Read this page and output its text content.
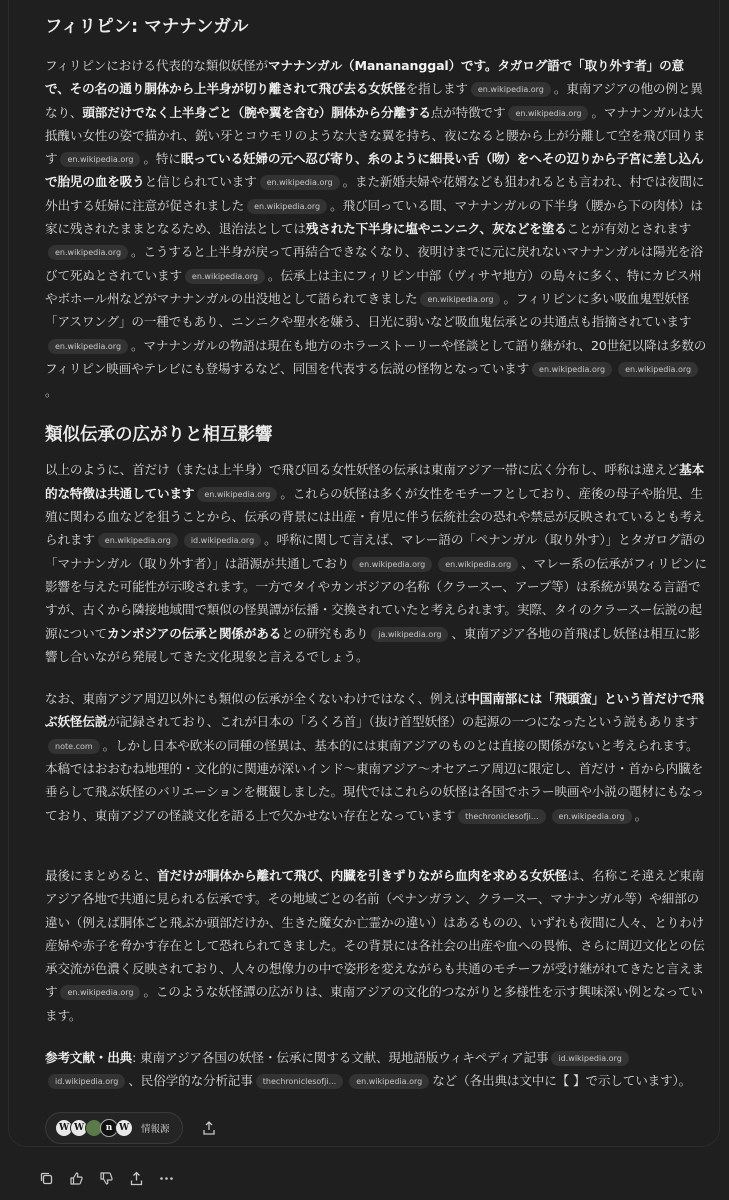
フィリピン: マナナンガル

フィリピンにおける代表的な類似妖怪がマナナンガル（Manananggal）です。タガログ語で「取り外す者」の意で、その名の通り胴体から上半身が切り離されて飛び去る女妖怪を指します en.wikipedia.org 。東南アジアの他の例と異なり、頭部だけでなく上半身ごと（腕や翼を含む）胴体から分離する点が特徴です en.wikipedia.org 。マナナンガルは大抵醜い女性の姿で描かれ、鋭い牙とコウモリのような大きな翼を持ち、夜になると腰から上が分離して空を飛び回ります en.wikipedia.org 。特に眠っている妊婦の元へ忍び寄り、糸のように細長い舌（吻）をへその辺りから子宮に差し込んで胎児の血を吸うと信じられています en.wikipedia.org 。また新婚夫婦や花婿なども狙われるとも言われ、村では夜間に外出する妊婦に注意が促されました en.wikipedia.org 。飛び回っている間、マナナンガルの下半身（腰から下の肉体）は家に残されたままとなるため、退治法としては残された下半身に塩やニンニク、灰などを塗ることが有効とされますen.wikipedia.org 。こうすると上半身が戻って再結合できなくなり、夜明けまでに元に戻れないマナナンガルは陽光を浴びて死ぬとされています en.wikipedia.org 。伝承上は主にフィリピン中部（ヴィサヤ地方）の島々に多く、特にカピス州やボホール州などがマナナンガルの出没地として語られてきました en.wikipedia.org 。フィリピンに多い吸血鬼型妖怪「アスワング」の一種でもあり、ニンニクや聖水を嫌う、日光に弱いなど吸血鬼伝承との共通点も指摘されていますen.wikipedia.org 。マナナンガルの物語は現在も地方のホラーストーリーや怪談として語り継がれ、20世紀以降は多数のフィリピン映画やテレビにも登場するなど、同国を代表する伝説の怪物となっています en.wikipedia.org	en.wikipedia.org。

類似伝承の広がりと相互影響

以上のように、首だけ（または上半身）で飛び回る女性妖怪の伝承は東南アジア一帯に広く分布し、呼称は違えど基本的な特徴は共通しています en.wikipedia.org 。これらの妖怪は多くが女性をモチーフとしており、産後の母子や胎児、生殖に関わる血などを狙うことから、伝承の背景には出産・育児に伴う伝統社会の恐れや禁忌が反映されているとも考えられます en.wikipedia.org	id.wikipedia.org 。呼称に関して言えば、マレー語の「ペナンガル（取り外す）」とタガログ語の「マナナンガル（取り外す者）」は語源が共通しており en.wikipedia.org	en.wikipedia.org 、マレー系の伝承がフィリピンに影響を与えた可能性が示唆されます。一方でタイやカンボジアの名称（クラースー、アープ等）は系統が異なる言語ですが、古くから隣接地域間で類似の怪異譚が伝播・交換されていたと考えられます。実際、タイのクラースー伝説の起源についてカンボジアの伝承と関係があるとの研究もあり ja.wikipedia.org 、東南アジア各地の首飛ばし妖怪は相互に影響し合いながら発展してきた文化現象と言えるでしょう。

なお、東南アジア周辺以外にも類似の伝承が全くないわけではなく、例えば中国南部には「飛頭蛮」という首だけで飛ぶ妖怪伝説が記録されており、これが日本の「ろくろ首」（抜け首型妖怪）の起源の一つになったという説もありますnote.com 。しかし日本や欧米の同種の怪異は、基本的には東南アジアのものとは直接の関係がないと考えられます。本稿ではおおむね地理的・文化的に関連が深いインド〜東南アジア〜オセアニア周辺に限定し、首だけ・首から内臓を垂らして飛ぶ妖怪のバリエーションを概観しました。現代ではこれらの妖怪は各国でホラー映画や小説の題材にもなっており、東南アジアの怪談文化を語る上で欠かせない存在となっています thechroniclesofji...	en.wikipedia.org 。

最後にまとめると、首だけが胴体から離れて飛び、内臓を引きずりながら血肉を求める女妖怪は、名称こそ違えど東南アジア各地で共通に見られる伝承です。その地域ごとの名前（ペナンガラン、クラースー、マナナンガル等）や細部の違い（例えば胴体ごと飛ぶか頭部だけか、生きた魔女か亡霊かの違い）はあるものの、いずれも夜間に人々、とりわけ産婦や赤子を脅かす存在として恐れられてきました。その背景には各社会の出産や血への畏怖、さらに周辺文化との伝承交流が色濃く反映されており、人々の想像力の中で姿形を変えながらも共通のモチーフが受け継がれてきたと言えます en.wikipedia.org 。このような妖怪譚の広がりは、東南アジアの文化的つながりと多様性を示す興味深い例となっています。

参考文献・出典: 東南アジア各国の妖怪・伝承に関する文献、現地語版ウィキペディア記事 id.wikipedia.orgid.wikipedia.org 、民俗学的な分析記事 thechroniclesofji...	en.wikipedia.org など（各出典は文中に【 】で示しています）。

W W	n W	情報源
